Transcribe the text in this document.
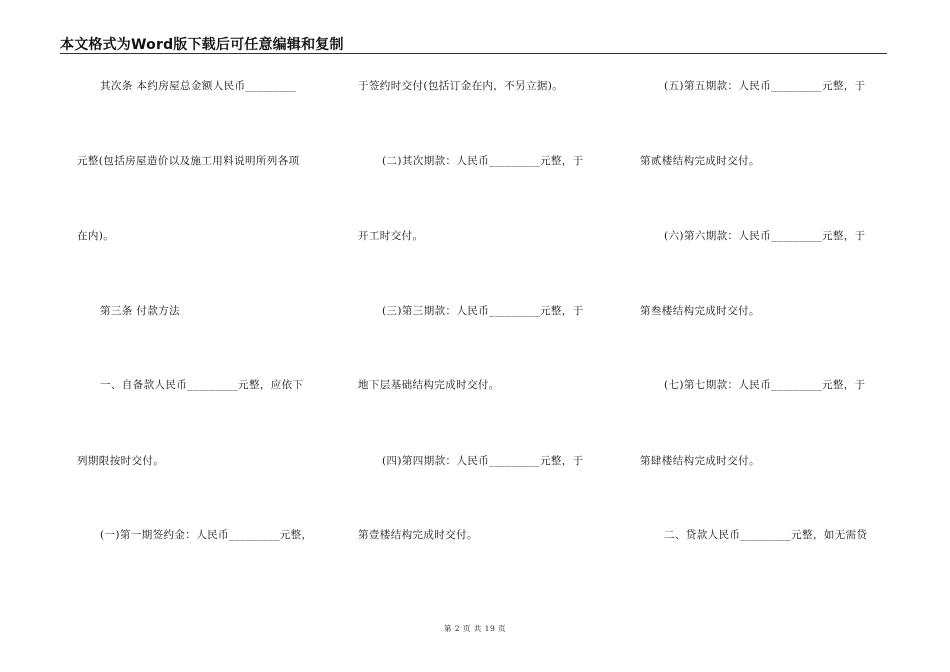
本文格式为Word版下载后可任意编辑和复制
其次条 本约房屋总金额人民币_________
元整(包括房屋造价以及施工用料说明所列各项
在内)。
第三条 付款方法
一、自备款人民币_________元整，应依下
列期限按时交付。
(一)第一期签约金：人民币_________元整，
于签约时交付(包括订金在内，不另立据)。
(二)其次期款：人民币_________元整，于
开工时交付。
(三)第三期款：人民币_________元整，于
地下层基础结构完成时交付。
(四)第四期款：人民币_________元整，于
第壹楼结构完成时交付。
(五)第五期款：人民币_________元整，于
第贰楼结构完成时交付。
(六)第六期款：人民币_________元整，于
第叁楼结构完成时交付。
(七)第七期款：人民币_________元整，于
第肆楼结构完成时交付。
二、贷款人民币_________元整，如无需贷
第 2 页 共 19 页
